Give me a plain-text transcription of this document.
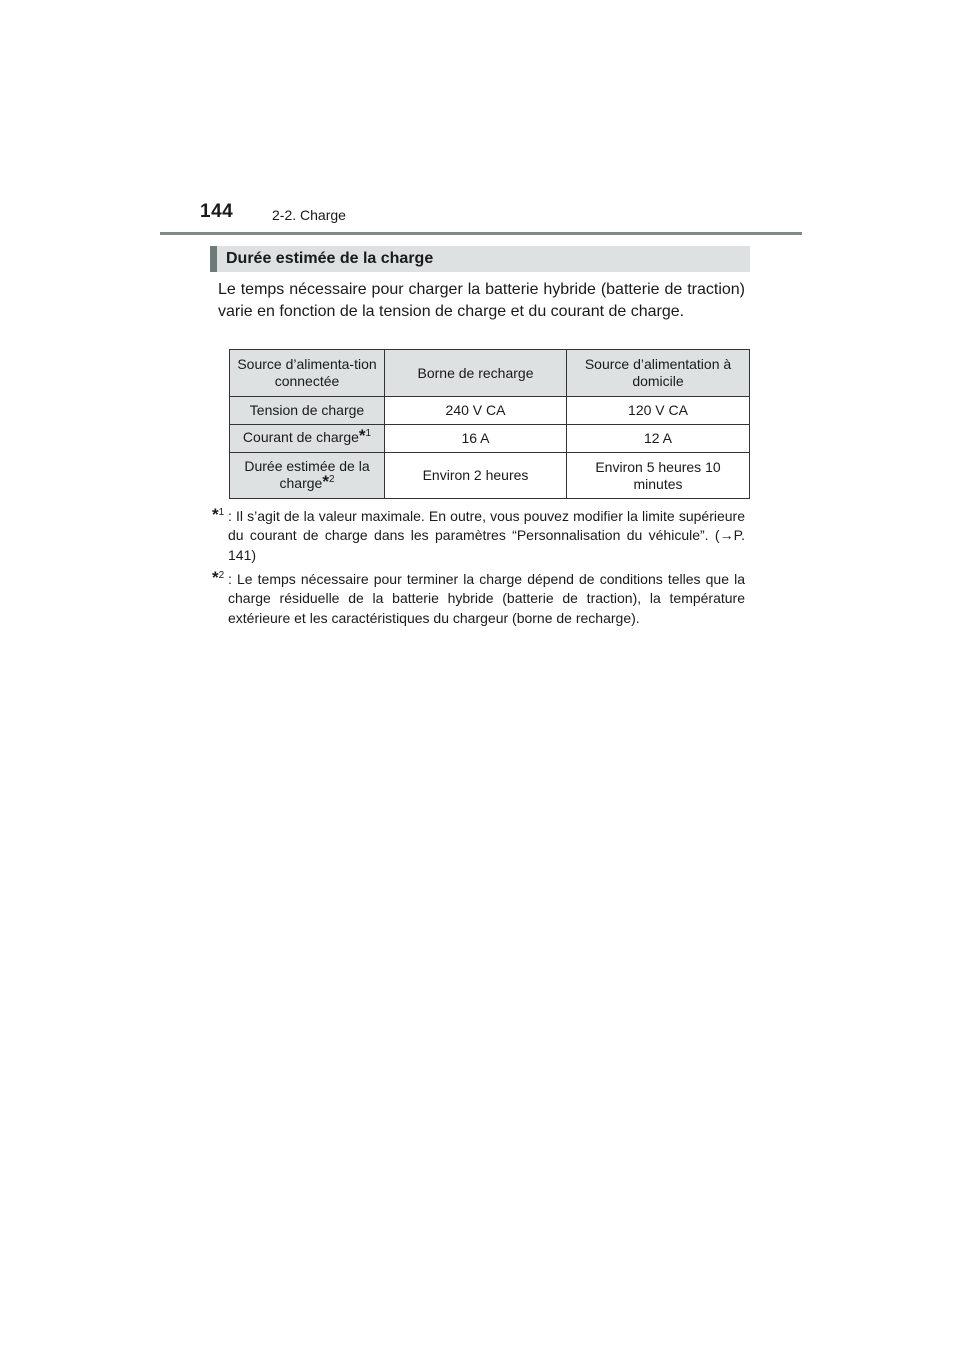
144	2-2. Charge
Durée estimée de la charge

Le temps nécessaire pour charger la batterie hybride (batterie de traction) varie en fonction de la tension de charge et du courant de charge.

Source d’alimenta-tion connectée	Borne de recharge	Source d’alimentation à domicile
Tension de charge	240 V CA	120 V CA
Courant de charge*$^1$	16 A	12 A
Durée estimée de la charge*$^2$	Environ 2 heures	Environ 5 heures 10 minutes
*$^1$ : Il s’agit de la valeur maximale. En outre, vous pouvez modifier la limite supérieure du courant de charge dans les paramètres “Personnalisation du véhicule”. (→P. 141)
*$^2$ : Le temps nécessaire pour terminer la charge dépend de conditions telles que la charge résiduelle de la batterie hybride (batterie de traction), la température extérieure et les caractéristiques du chargeur (borne de recharge).
